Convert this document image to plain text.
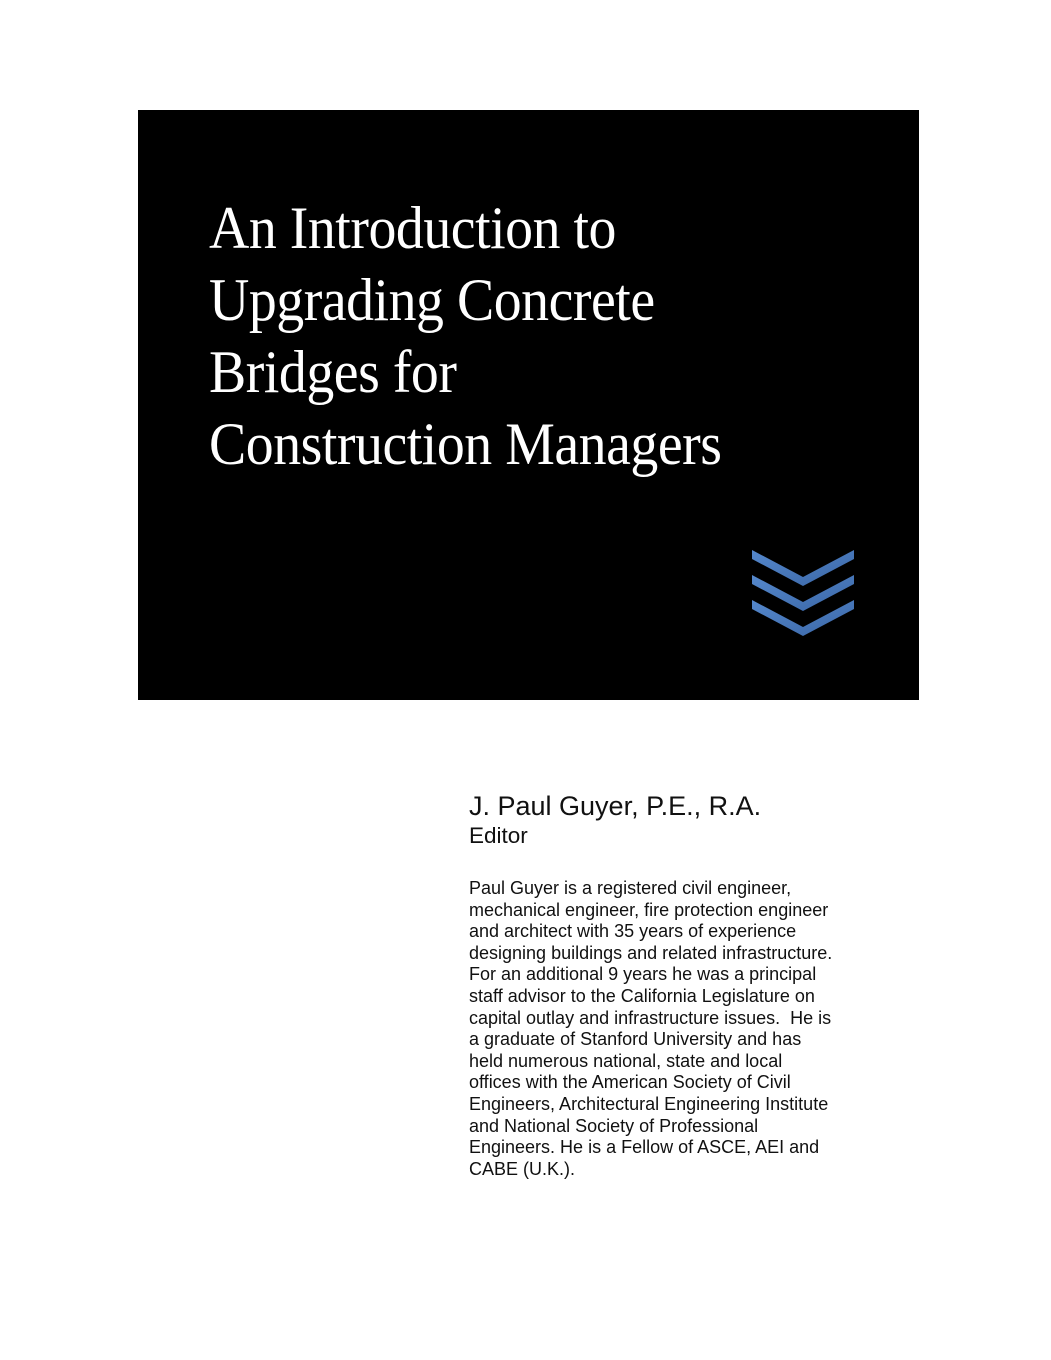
An Introduction to
Upgrading Concrete
Bridges for
Construction Managers
J. Paul Guyer, P.E., R.A.

Editor

Paul Guyer is a registered civil engineer,
mechanical engineer, fire protection engineer
and architect with 35 years of experience
designing buildings and related infrastructure.
For an additional 9 years he was a principal
staff advisor to the California Legislature on
capital outlay and infrastructure issues.  He is
a graduate of Stanford University and has
held numerous national, state and local
offices with the American Society of Civil
Engineers, Architectural Engineering Institute
and National Society of Professional
Engineers. He is a Fellow of ASCE, AEI and
CABE (U.K.).
